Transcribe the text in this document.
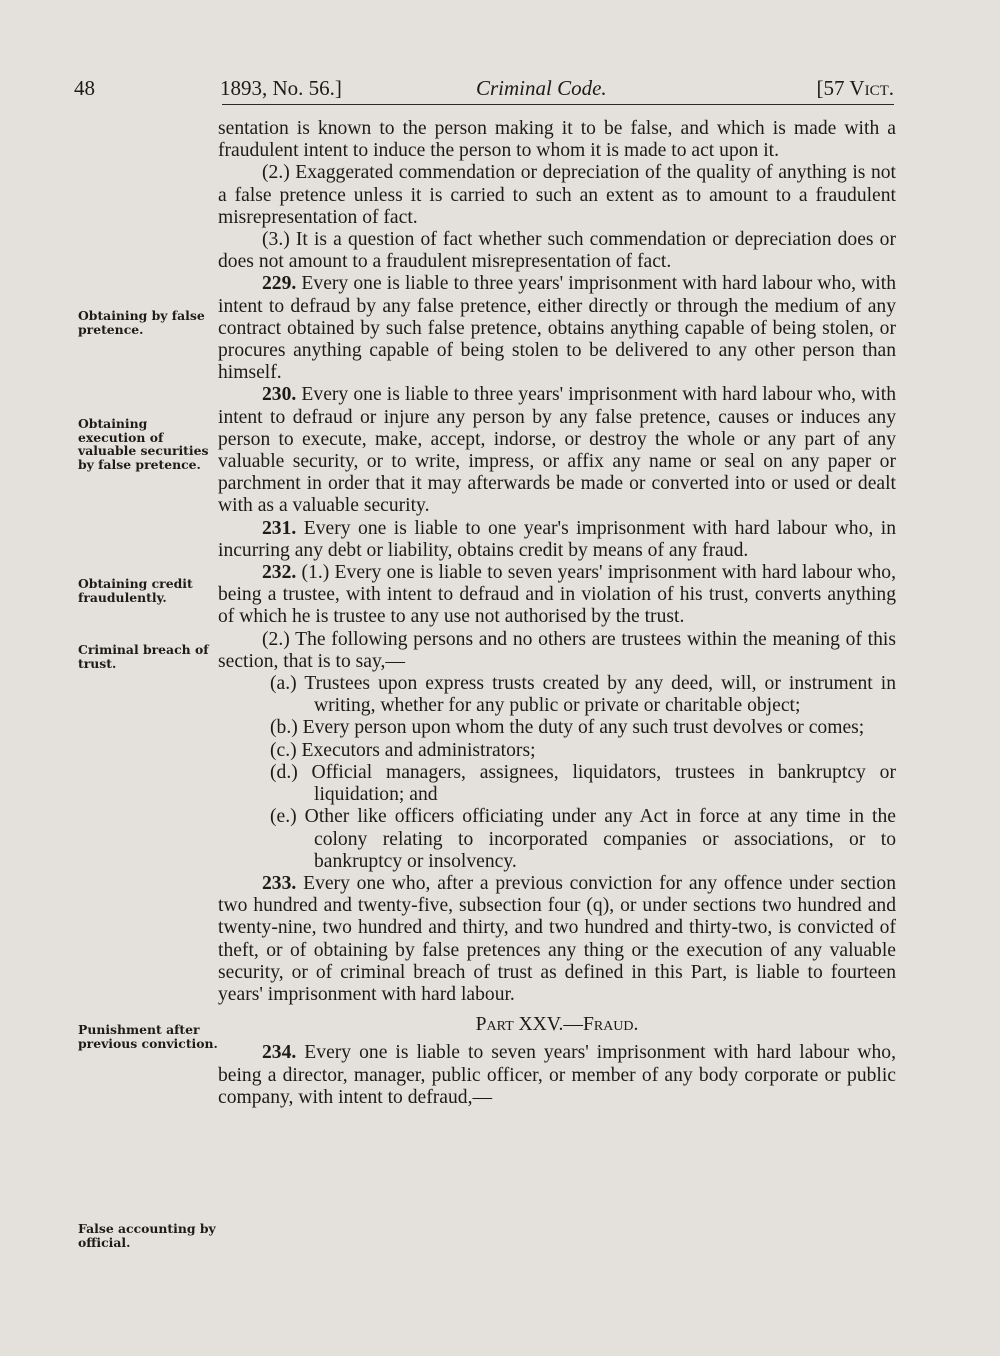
48	1893, No. 56.]	Criminal Code.	[57 Vict.
Obtaining by false pretence.
Obtaining execution of valuable securities by false pretence.
Obtaining credit fraudulently.
Criminal breach of trust.
Punishment after previous conviction.
False accounting by official.

sentation is known to the person making it to be false, and which is made with a fraudulent intent to induce the person to whom it is made to act upon it.

(2.) Exaggerated commendation or depreciation of the quality of anything is not a false pretence unless it is carried to such an extent as to amount to a fraudulent misrepresentation of fact.

(3.) It is a question of fact whether such commendation or depreciation does or does not amount to a fraudulent misrepresentation of fact.

229. Every one is liable to three years' imprisonment with hard labour who, with intent to defraud by any false pretence, either directly or through the medium of any contract obtained by such false pretence, obtains anything capable of being stolen, or procures anything capable of being stolen to be delivered to any other person than himself.

230. Every one is liable to three years' imprisonment with hard labour who, with intent to defraud or injure any person by any false pretence, causes or induces any person to execute, make, accept, indorse, or destroy the whole or any part of any valuable security, or to write, impress, or affix any name or seal on any paper or parchment in order that it may afterwards be made or converted into or used or dealt with as a valuable security.

231. Every one is liable to one year's imprisonment with hard labour who, in incurring any debt or liability, obtains credit by means of any fraud.

232. (1.) Every one is liable to seven years' imprisonment with hard labour who, being a trustee, with intent to defraud and in violation of his trust, converts anything of which he is trustee to any use not authorised by the trust.

(2.) The following persons and no others are trustees within the meaning of this section, that is to say,—

(a.) Trustees upon express trusts created by any deed, will, or instrument in writing, whether for any public or private or charitable object;

(b.) Every person upon whom the duty of any such trust devolves or comes;

(c.) Executors and administrators;

(d.) Official managers, assignees, liquidators, trustees in bankruptcy or liquidation; and

(e.) Other like officers officiating under any Act in force at any time in the colony relating to incorporated companies or associations, or to bankruptcy or insolvency.

233. Every one who, after a previous conviction for any offence under section two hundred and twenty-five, subsection four (q), or under sections two hundred and twenty-nine, two hundred and thirty, and two hundred and thirty-two, is convicted of theft, or of obtaining by false pretences any thing or the execution of any valuable security, or of criminal breach of trust as defined in this Part, is liable to fourteen years' imprisonment with hard labour.

Part XXV.—Fraud.

234. Every one is liable to seven years' imprisonment with hard labour who, being a director, manager, public officer, or member of any body corporate or public company, with intent to defraud,—
